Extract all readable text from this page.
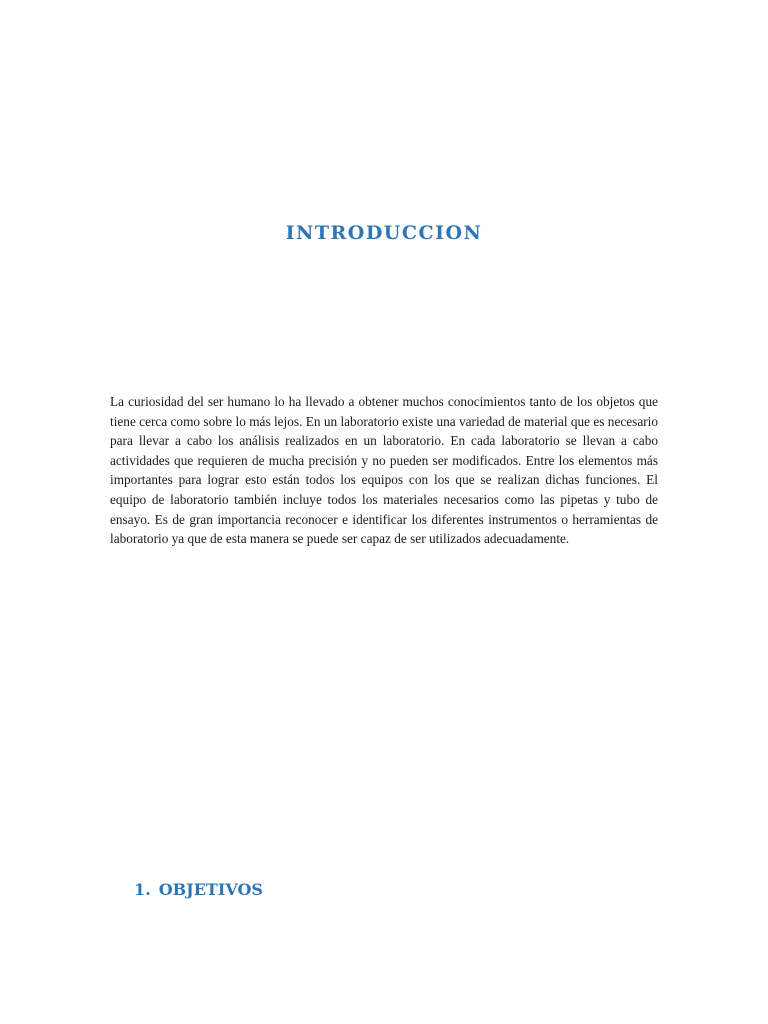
INTRODUCCION

La curiosidad del ser humano lo ha llevado a obtener muchos conocimientos tanto de los objetos que tiene cerca como sobre lo más lejos. En un laboratorio existe una variedad de material que es necesario para llevar a cabo los análisis realizados en un laboratorio. En cada laboratorio se llevan a cabo actividades que requieren de mucha precisión y no pueden ser modificados. Entre los elementos más importantes para lograr esto están todos los equipos con los que se realizan dichas funciones. El equipo de laboratorio también incluye todos los materiales necesarios como las pipetas y tubo de ensayo. Es de gran importancia reconocer e identificar los diferentes instrumentos o herramientas de laboratorio ya que de esta manera se puede ser capaz de ser utilizados adecuadamente.

1. OBJETIVOS
